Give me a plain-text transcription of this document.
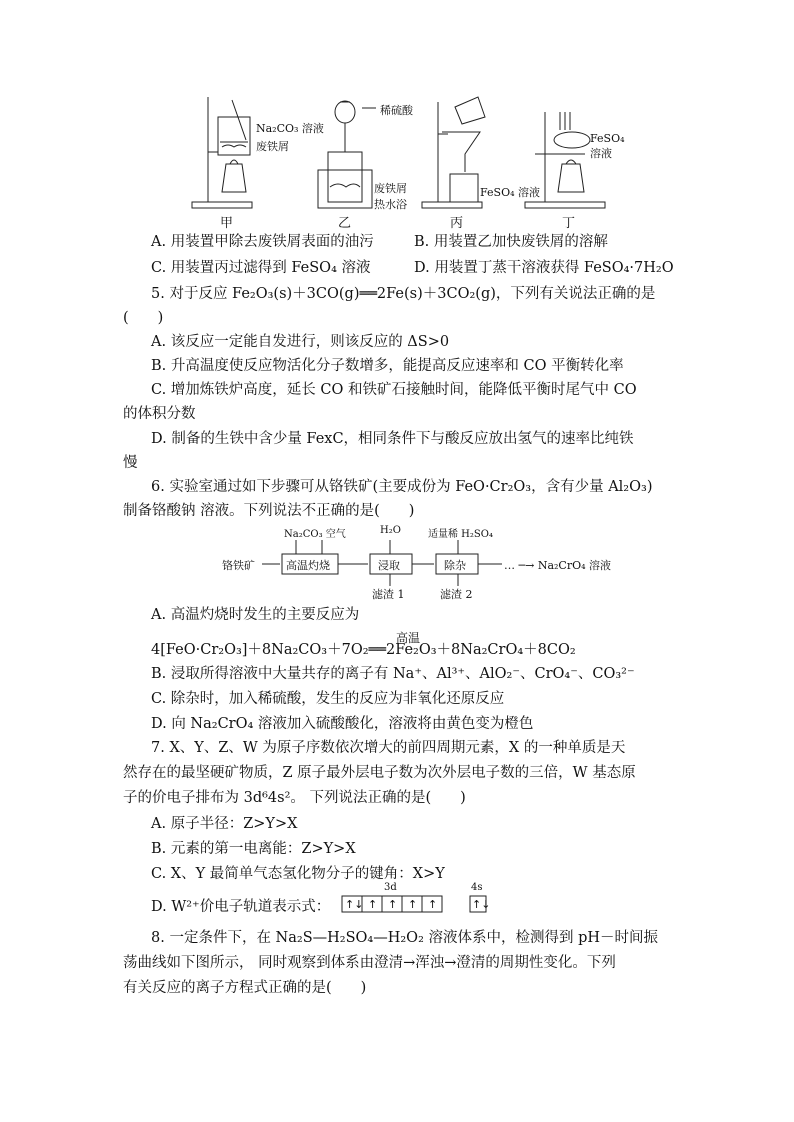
Na₂CO₃ 溶液
废铁屑
稀硫酸
废铁屑
热水浴
FeSO₄ 溶液
FeSO₄ 溶液
甲	乙	丙	丁
A. 用装置甲除去废铁屑表面的油污	B. 用装置乙加快废铁屑的溶解
C. 用装置丙过滤得到 FeSO₄ 溶液	D. 用装置丁蒸干溶液获得 FeSO₄·7H₂O
5. 对于反应 Fe₂O₃(s)＋3CO(g)══2Fe(s)＋3CO₂(g)，下列有关说法正确的是
(　　)
A. 该反应一定能自发进行，则该反应的 ΔS>0
B. 升高温度使反应物活化分子数增多，能提高反应速率和 CO 平衡转化率
C. 增加炼铁炉高度，延长 CO 和铁矿石接触时间，能降低平衡时尾气中 CO
的体积分数
D. 制备的生铁中含少量 FexC，相同条件下与酸反应放出氢气的速率比纯铁
慢
6. 实验室通过如下步骤可从铬铁矿(主要成份为 FeO·Cr₂O₃，含有少量 Al₂O₃)
制备铬酸钠 溶液。下列说法不正确的是(　　)
铬铁矿	高温灼烧	浸取	除杂
Na₂CO₃ 空气	H₂O	适量稀 H₂SO₄
滤渣 1	滤渣 2
… ─→ Na₂CrO₄ 溶液
A. 高温灼烧时发生的主要反应为
高温
4[FeO·Cr₂O₃]＋8Na₂CO₃＋7O₂══2Fe₂O₃＋8Na₂CrO₄＋8CO₂
B. 浸取所得溶液中大量共存的离子有 Na⁺、Al³⁺、AlO₂⁻、CrO₄⁻、CO₃²⁻
C. 除杂时，加入稀硫酸，发生的反应为非氧化还原反应
D. 向 Na₂CrO₄ 溶液加入硫酸酸化，溶液将由黄色变为橙色
7. X、Y、Z、W 为原子序数依次增大的前四周期元素，X 的一种单质是天
然存在的最坚硬矿物质，Z 原子最外层电子数为次外层电子数的三倍，W 基态原
子的价电子排布为 3d⁶4s²。 下列说法正确的是(　　)
A. 原子半径：Z>Y>X
B. 元素的第一电离能：Z>Y>X
C. X、Y 最简单气态氢化物分子的键角：X>Y
D. W²⁺价电子轨道表示式： ↑↓ ↑ ↑ ↑ ↑	↑↓
3d	4s
8. 一定条件下，在 Na₂S—H₂SO₄—H₂O₂ 溶液体系中，检测得到 pH－时间振
荡曲线如下图所示， 同时观察到体系由澄清→浑浊→澄清的周期性变化。下列
有关反应的离子方程式正确的是(　　)
